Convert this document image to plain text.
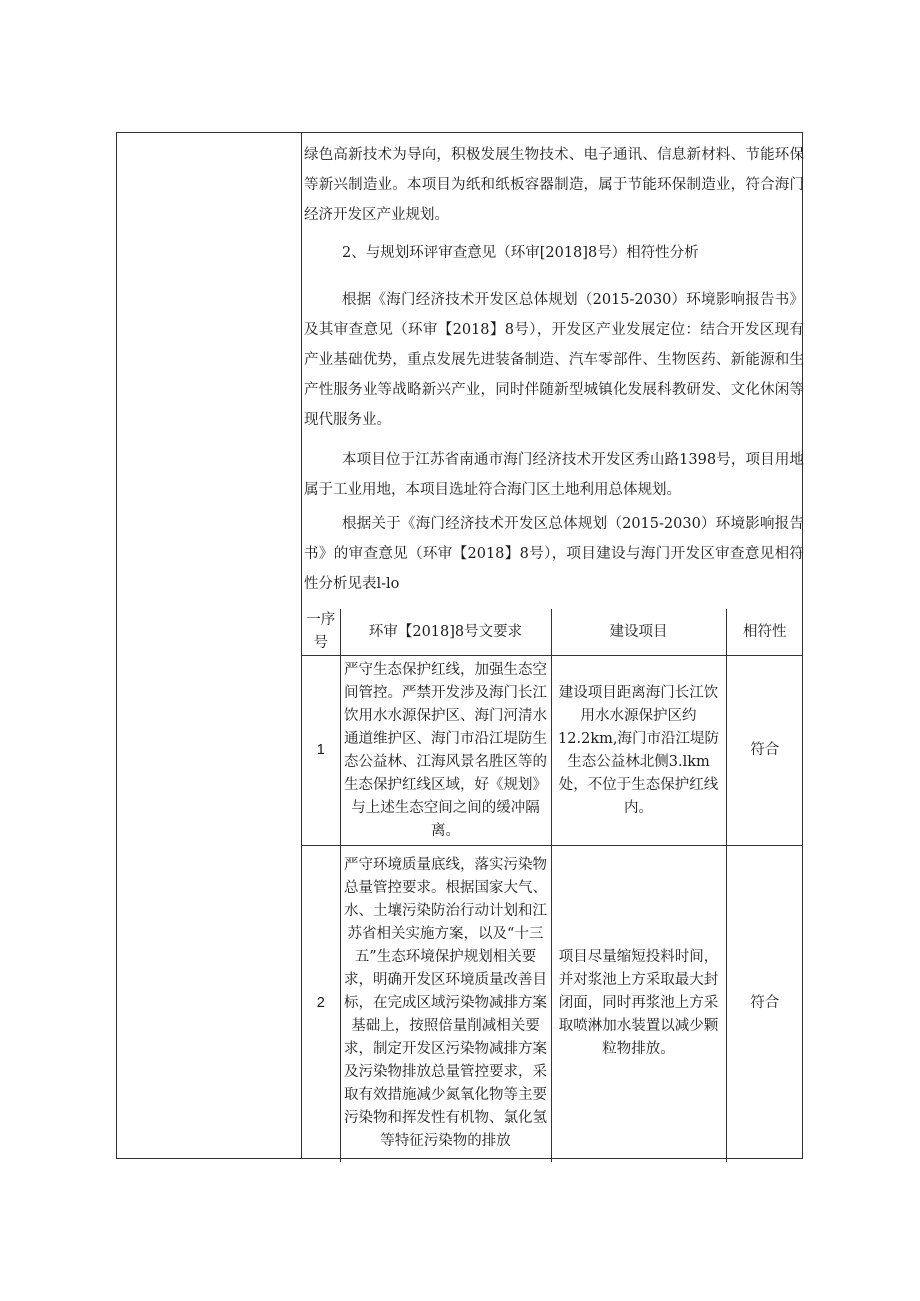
绿色高新技术为导向，积极发展生物技术、电子通讯、信息新材料、节能环保等新兴制造业。本项目为纸和纸板容器制造，属于节能环保制造业，符合海门经济开发区产业规划。

2、与规划环评审查意见（环审[2018]8号）相符性分析

根据《海门经济技术开发区总体规划（2015-2030）环境影响报告书》及其审查意见（环审【2018】8号），开发区产业发展定位：结合开发区现有产业基础优势，重点发展先进装备制造、汽车零部件、生物医药、新能源和生产性服务业等战略新兴产业，同时伴随新型城镇化发展科教研发、文化休闲等现代服务业。

本项目位于江苏省南通市海门经济技术开发区秀山路1398号，项目用地属于工业用地，本项目选址符合海门区土地利用总体规划。

根据关于《海门经济技术开发区总体规划（2015-2030）环境影响报告书》的审查意见（环审【2018】8号），项目建设与海门开发区审查意见相符性分析见表l-lo

一序号	环审【2018]8号文要求	建设项目	相符性
1	严守生态保护红线，加强生态空间管控。严禁开发涉及海门长江饮用水水源保护区、海门河清水通道维护区、海门市沿江堤防生态公益林、江海风景名胜区等的生态保护红线区域，好《规划》与上述生态空间之间的缓冲隔离。	建设项目距离海门长江饮用水水源保护区约12.2km,海门市沿江堤防生态公益林北侧3.lkm处，不位于生态保护红线内。	符合
2	严守环境质量底线，落实污染物总量管控要求。根据国家大气、水、土壤污染防治行动计划和江苏省相关实施方案，以及“十三五”生态环境保护规划相关要求，明确开发区环境质量改善目标，在完成区域污染物减排方案基础上，按照倍量削减相关要求，制定开发区污染物减排方案及污染物排放总量管控要求，采取有效措施减少氮氧化物等主要污染物和挥发性有机物、氯化氢等特征污染物的排放	项目尽量缩短投料时间，并对浆池上方采取最大封闭面，同时再浆池上方采取喷淋加水装置以减少颗粒物排放。	符合
